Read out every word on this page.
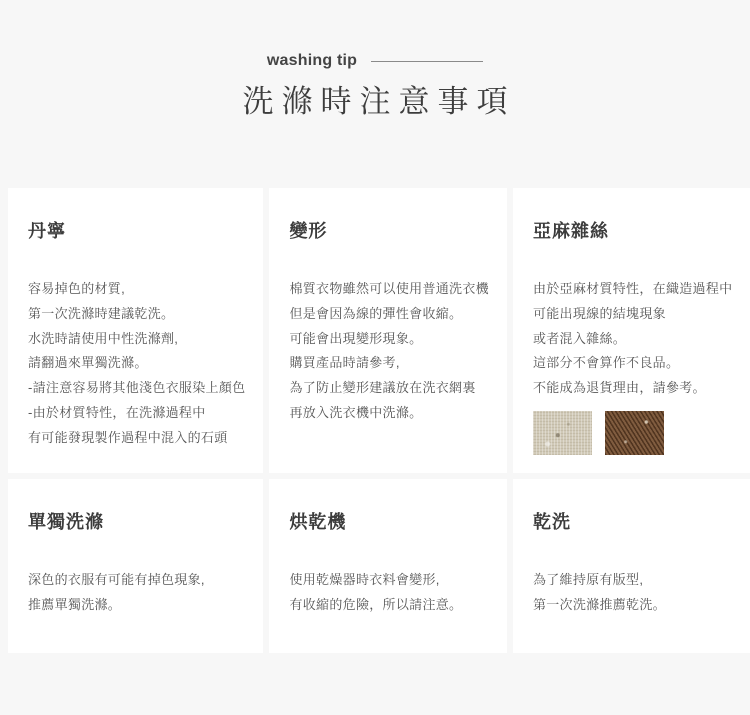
washing tip
洗滌時注意事項
丹寧

容易掉色的材質,

第一次洗滌時建議乾洗。

水洗時請使用中性洗滌劑,

請翻過來單獨洗滌。

-請注意容易將其他淺色衣服染上顏色

-由於材質特性，在洗滌過程中

有可能發現製作過程中混入的石頭

變形

棉質衣物雖然可以使用普通洗衣機

但是會因為線的彈性會收縮。

可能會出現變形現象。

購買產品時請參考,

為了防止變形建議放在洗衣網裏

再放入洗衣機中洗滌。

亞麻雜絲

由於亞麻材質特性，在織造過程中

可能出現線的結塊現象

或者混入雜絲。

這部分不會算作不良品。

不能成為退貨理由，請參考。

單獨洗滌

深色的衣服有可能有掉色現象,

推薦單獨洗滌。

烘乾機

使用乾燥器時衣料會變形,

有收縮的危險，所以請注意。

乾洗

為了維持原有版型,

第一次洗滌推薦乾洗。
